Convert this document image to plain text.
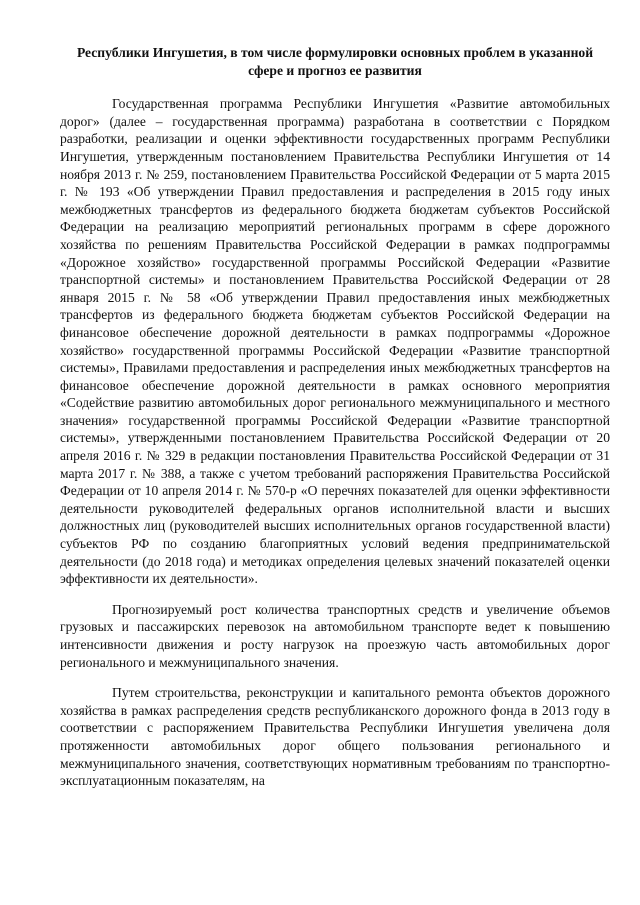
Республики Ингушетия, в том числе формулировки основных проблем в указанной сфере и прогноз ее развития

Государственная программа Республики Ингушетия «Развитие автомобильных дорог» (далее – государственная программа) разработана в соответствии с Порядком разработки, реализации и оценки эффективности государственных программ Республики Ингушетия, утвержденным постановлением Правительства Республики Ингушетия от 14 ноября 2013 г. № 259, постановлением Правительства Российской Федерации от 5 марта 2015 г. № 193 «Об утверждении Правил предоставления и распределения в 2015 году иных межбюджетных трансфертов из федерального бюджета бюджетам субъектов Российской Федерации на реализацию мероприятий региональных программ в сфере дорожного хозяйства по решениям Правительства Российской Федерации в рамках подпрограммы «Дорожное хозяйство» государственной программы Российской Федерации «Развитие транспортной системы» и постановлением Правительства Российской Федерации от 28 января 2015 г. № 58 «Об утверждении Правил предоставления иных межбюджетных трансфертов из федерального бюджета бюджетам субъектов Российской Федерации на финансовое обеспечение дорожной деятельности в рамках подпрограммы «Дорожное хозяйство» государственной программы Российской Федерации «Развитие транспортной системы», Правилами предоставления и распределения иных межбюджетных трансфертов на финансовое обеспечение дорожной деятельности в рамках основного мероприятия «Содействие развитию автомобильных дорог регионального межмуниципального и местного значения» государственной программы Российской Федерации «Развитие транспортной системы», утвержденными постановлением Правительства Российской Федерации от 20 апреля 2016 г. № 329 в редакции постановления Правительства Российской Федерации от 31 марта 2017 г. № 388, а также с учетом требований распоряжения Правительства Российской Федерации от 10 апреля 2014 г. № 570-р «О перечнях показателей для оценки эффективности деятельности руководителей федеральных органов исполнительной власти и высших должностных лиц (руководителей высших исполнительных органов государственной власти) субъектов РФ по созданию благоприятных условий ведения предпринимательской деятельности (до 2018 года) и методиках определения целевых значений показателей оценки эффективности их деятельности».

Прогнозируемый рост количества транспортных средств и увеличение объемов грузовых и пассажирских перевозок на автомобильном транспорте ведет к повышению интенсивности движения и росту нагрузок на проезжую часть автомобильных дорог регионального и межмуниципального значения.

Путем строительства, реконструкции и капитального ремонта объектов дорожного хозяйства в рамках распределения средств республиканского дорожного фонда в 2013 году в соответствии с распоряжением Правительства Республики Ингушетия увеличена доля протяженности автомобильных дорог общего пользования регионального и межмуниципального значения, соответствующих нормативным требованиям по транспортно-эксплуатационным показателям, на
